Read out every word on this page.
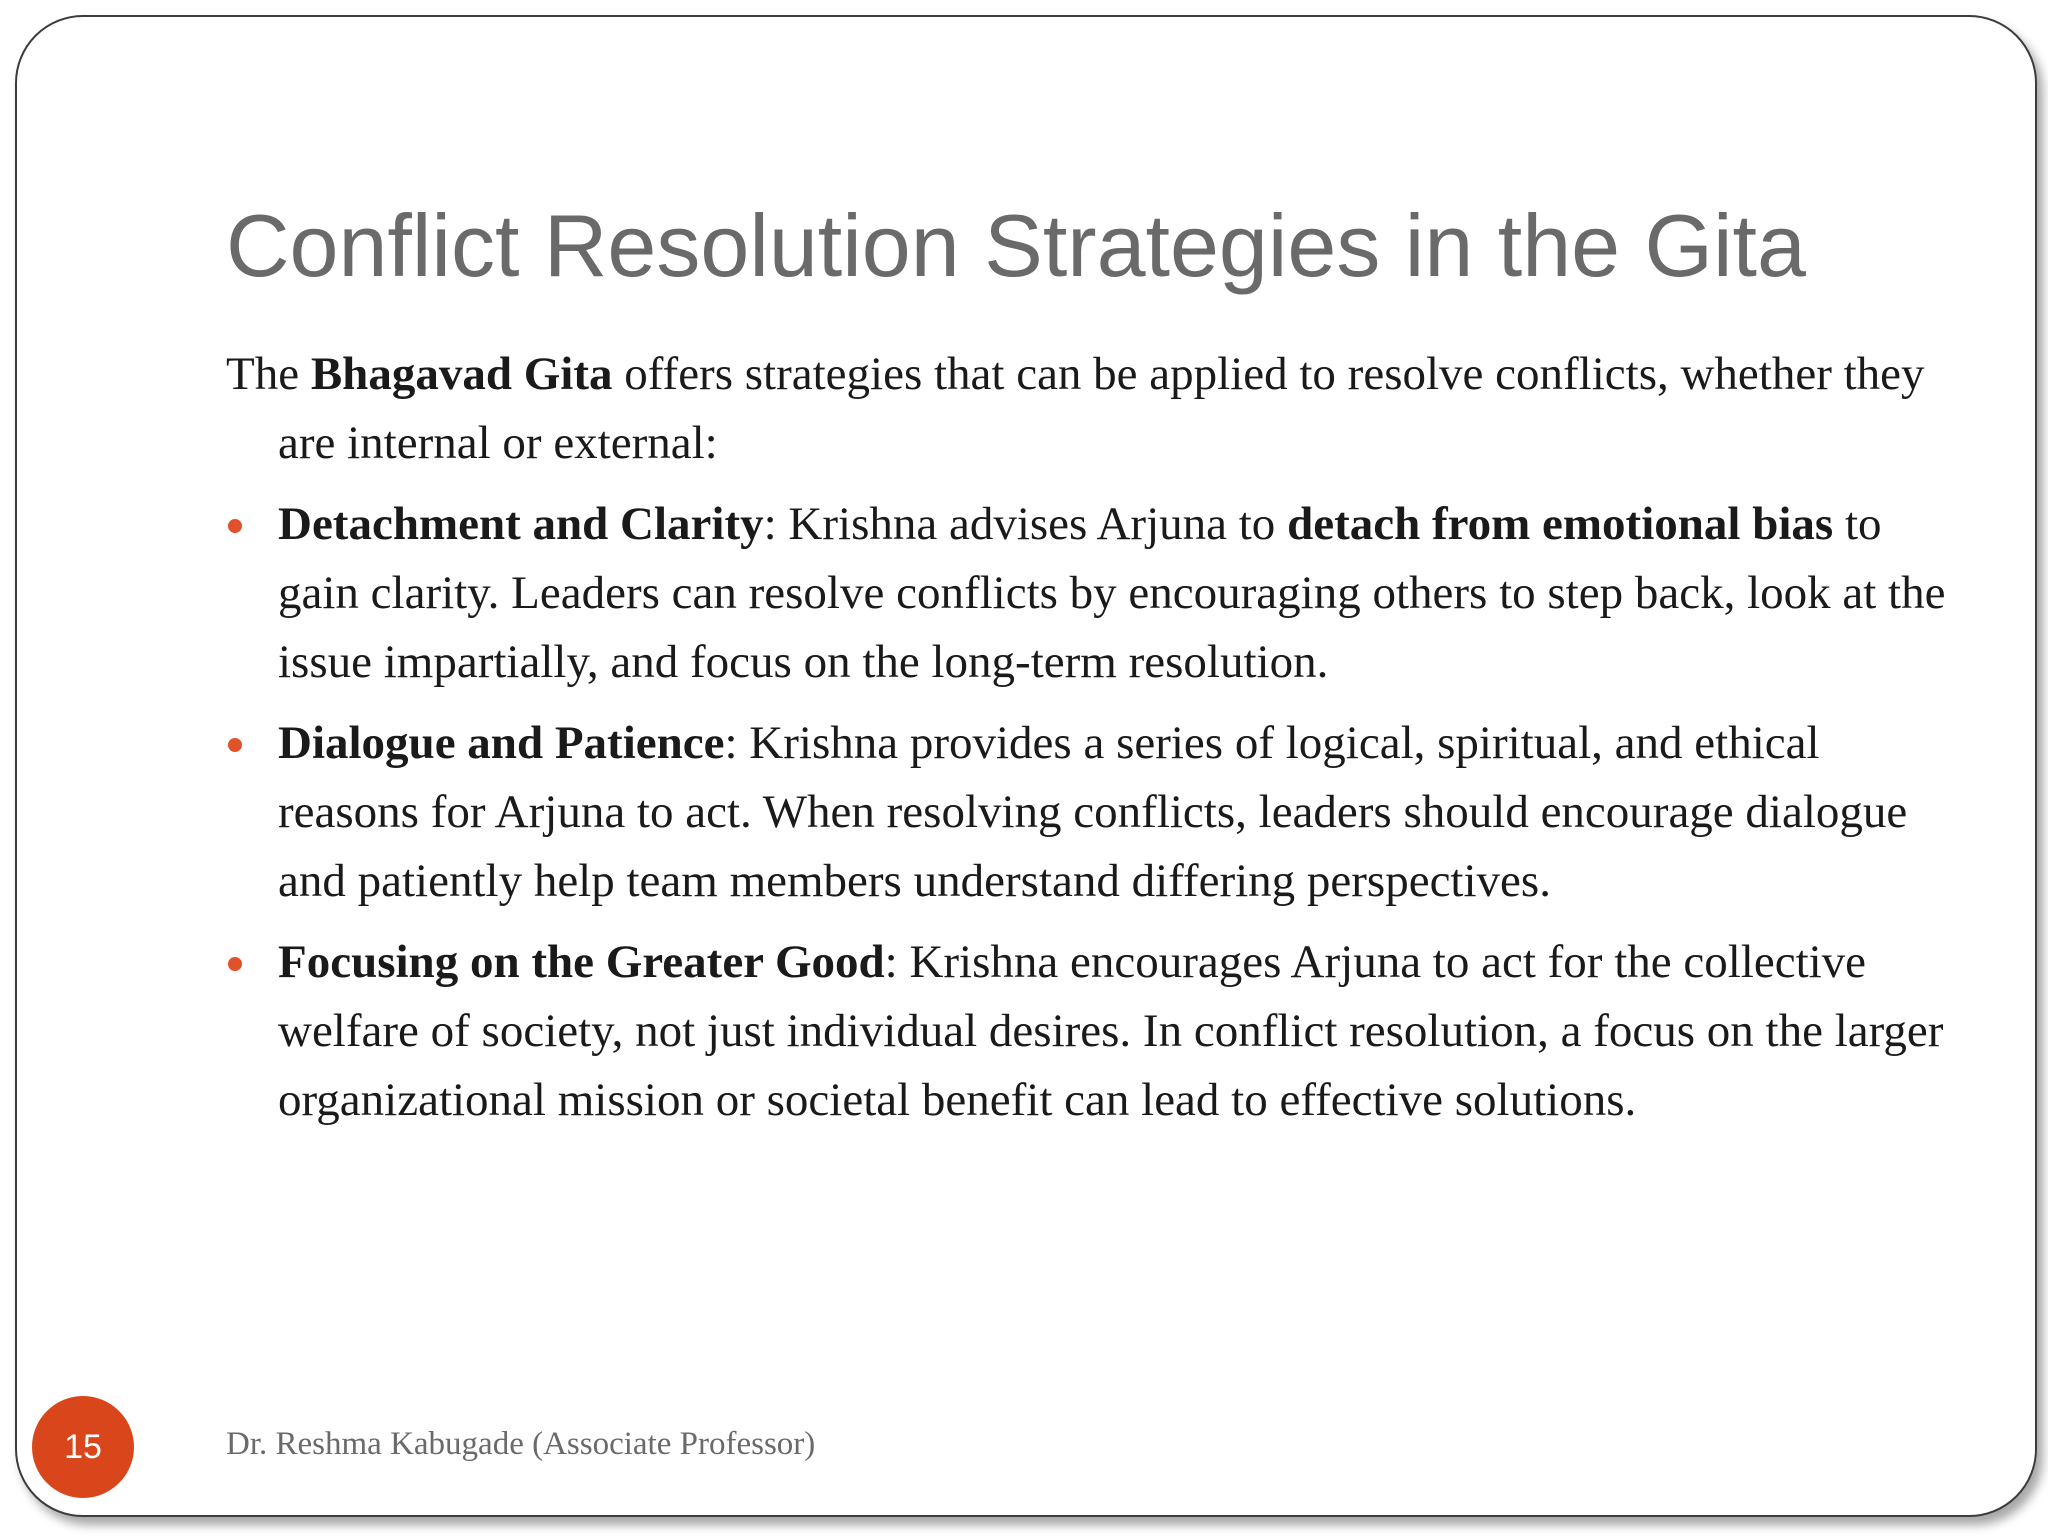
Conflict Resolution Strategies in the Gita

The Bhagavad Gita offers strategies that can be applied to resolve conflicts, whether they are internal or external:

Detachment and Clarity: Krishna advises Arjuna to detach from emotional bias to gain clarity. Leaders can resolve conflicts by encouraging others to step back, look at the issue impartially, and focus on the long-term resolution.

Dialogue and Patience: Krishna provides a series of logical, spiritual, and ethical reasons for Arjuna to act. When resolving conflicts, leaders should encourage dialogue and patiently help team members understand differing perspectives.

Focusing on the Greater Good: Krishna encourages Arjuna to act for the collective welfare of society, not just individual desires. In conflict resolution, a focus on the larger organizational mission or societal benefit can lead to effective solutions.

15	Dr. Reshma Kabugade (Associate Professor)
